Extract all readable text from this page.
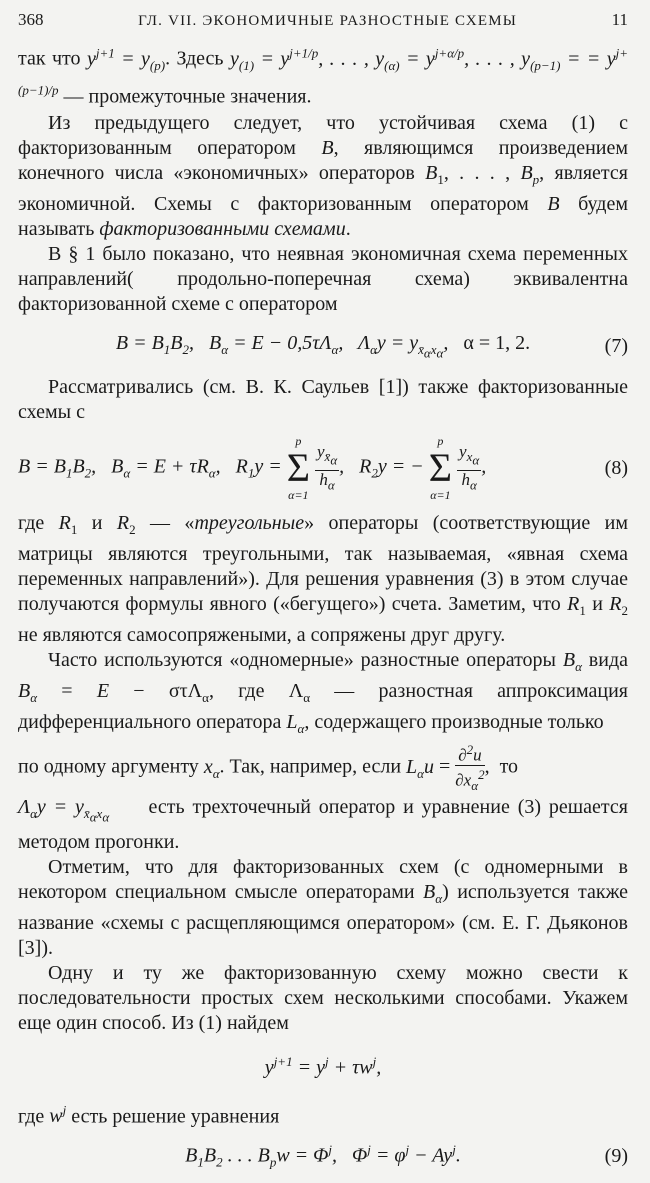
368	ГЛ. VII. ЭКОНОМИЧНЫЕ РАЗНОСТНЫЕ СХЕМЫ	11

так что $y^{j+1} = y_{(p)}$. Здесь $y_{(1)} = y^{j+1/p}$, . . . , $y_{(\alpha)} = y^{j+\alpha/p}$, . . . , $y_{(p-1)}$ = = $y^{j+(p-1)/p}$ — промежуточные значения.

Из предыдущего следует, что устойчивая схема (1) с факторизованным оператором B, являющимся произведением конечного числа «экономичных» операторов $B_1$, . . . , $B_p$, является экономичной. Схемы с факторизованным оператором B будем называть факторизованными схемами.

В § 1 было показано, что неявная экономичная схема переменных направлений( продольно-поперечная схема) эквивалентна факторизованной схеме с оператором

$B = B_1B_2$,   $B_\alpha = E - 0,5\tau\Lambda_\alpha$,   $\Lambda_\alpha y = y_{x̄_\alpha x_\alpha}$,   α = 1, 2.	(7)

Рассматривались (см. В. К. Саульев [1]) также факторизованные схемы с

$B = B_1B_2$,   $B_\alpha = E + \tau R_\alpha$,   $R_1y$ =
p
Σ
α=1

$\frac{y_{x̄_\alpha}}{h_\alpha}$ ,   $R_2y$ = −
p
Σ
α=1

$\frac{y_{x_\alpha}}{h_\alpha}$ ,	(8)

где $R_1$ и $R_2$ — «треугольные» операторы (соответствующие им матрицы являются треугольными, так называемая, «явная схема переменных направлений»). Для решения уравнения (3) в этом случае получаются формулы явного («бегущего») счета. Заметим, что $R_1$ и $R_2$ не являются самосопряжеными, а сопряжены друг другу.

Часто используются «одномерные» разностные операторы $B_\alpha$ вида $B_\alpha = E - \sigma\tau\Lambda_\alpha$, где $\Lambda_\alpha$ — разностная аппроксимация дифференциального оператора $L_\alpha$, содержащего производные только

по одному аргументу $x_\alpha$. Так, например, если $L_\alpha u = \frac{\partial^2u}{\partial x_\alpha^2}$ ,  то

$\Lambda_\alpha y = y_{x̄_\alpha x_\alpha}$     есть трехточечный оператор и уравнение (3) решается методом прогонки.

Отметим, что для факторизованных схем (с одномерными в некотором специальном смысле операторами $B_\alpha$) используется также название «схемы с расщепляющимся оператором» (см. Е. Г. Дьяконов [3]).

Одну и ту же факторизованную схему можно свести к последовательности простых схем несколькими способами. Укажем еще один способ. Из (1) найдем

$y^{j+1} = y^j + \tau w^j$,

где $w^j$ есть решение уравнения

$B_1B_2$ . . . $B_pw = \Phi^j$,   $\Phi^j = \varphi^j - Ay^j$.	(9)
